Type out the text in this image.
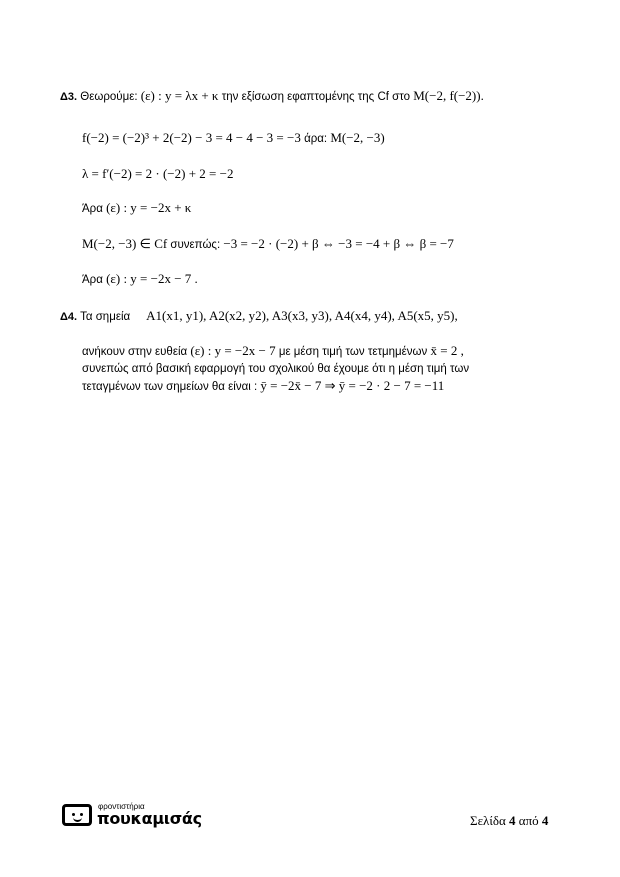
Δ3. Θεωρούμε: (ε) : y = λx + κ την εξίσωση εφαπτομένης της Cf στο M(−2, f(−2)).
f(−2) = (−2)³ + 2(−2) − 3 = 4 − 4 − 3 = −3 άρα: M(−2, −3)
λ = f′(−2) = 2 · (−2) + 2 = −2
Άρα (ε) : y = −2x + κ
M(−2, −3) ∈ Cf συνεπώς: −3 = −2 · (−2) + β ⇔ −3 = −4 + β ⇔ β = −7
Άρα (ε) : y = −2x − 7 .
Δ4. Τα σημεία A1(x1, y1), A2(x2, y2), A3(x3, y3), A4(x4, y4), A5(x5, y5),
ανήκουν στην ευθεία (ε) : y = −2x − 7 με μέση τιμή των τετμημένων x̄ = 2 ,
συνεπώς από βασική εφαρμογή του σχολικού θα έχουμε ότι η μέση τιμή των
τεταγμένων των σημείων θα είναι : ȳ = −2x̄ − 7 ⇒ ȳ = −2 · 2 − 7 = −11
φροντιστήρια
πουκαμισάς	Σελίδα 4 από 4
